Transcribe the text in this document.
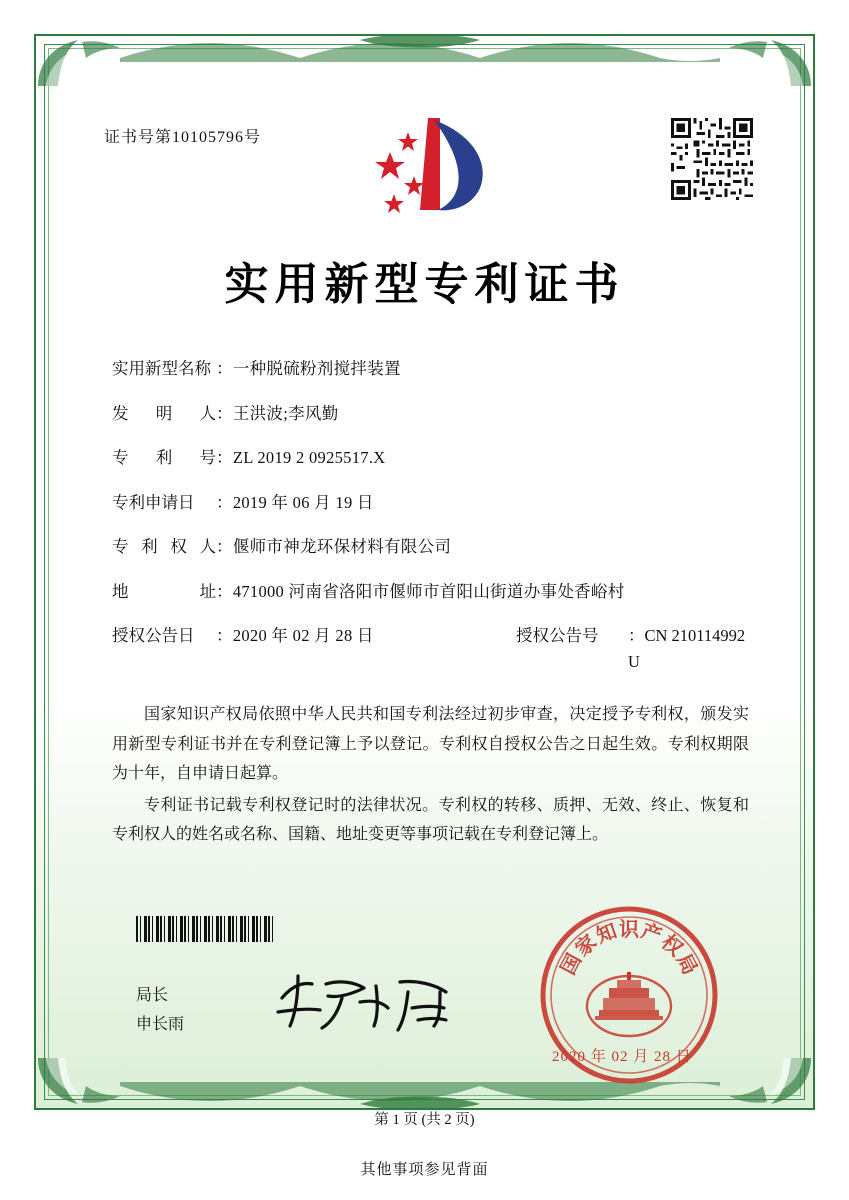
证书号第10105796号
实用新型专利证书
实用新型名称 ：一种脱硫粉剂搅拌装置
发 明 人 ：王洪波;李风勤
专 利 号 ：ZL 2019 2 0925517.X
专利申请日	：2019 年 06 月 19 日
专 利 权 人 ：偃师市神龙环保材料有限公司
地	址 ：471000 河南省洛阳市偃师市首阳山街道办事处香峪村
授权公告日	：2020 年 02 月 28 日	授权公告号	：CN 210114992 U

国家知识产权局依照中华人民共和国专利法经过初步审查，决定授予专利权，颁发实用新型专利证书并在专利登记簿上予以登记。专利权自授权公告之日起生效。专利权期限为十年，自申请日起算。

专利证书记载专利权登记时的法律状况。专利权的转移、质押、无效、终止、恢复和专利权人的姓名或名称、国籍、地址变更等事项记载在专利登记簿上。

局长
申长雨
国
家
知 识 产
权
局
2020 年 02 月 28 日
第 1 页 (共 2 页)
其他事项参见背面
